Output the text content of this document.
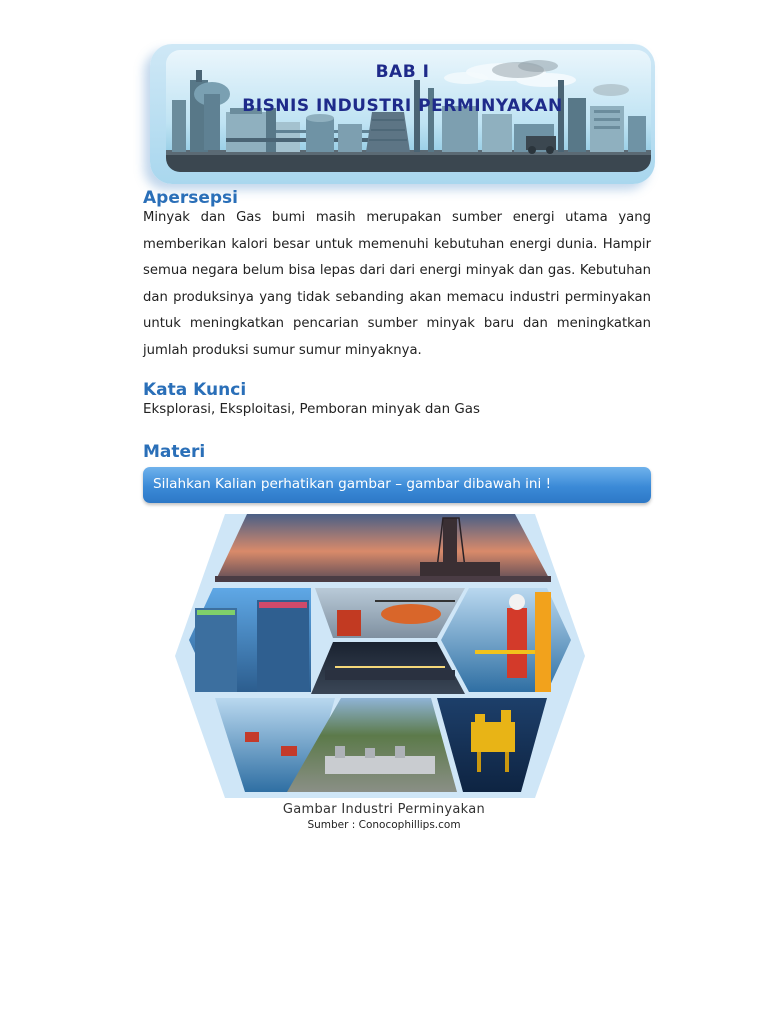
BAB I
BISNIS INDUSTRI PERMINYAKAN
Apersepsi

Minyak dan Gas bumi masih merupakan sumber energi utama yang memberikan kalori besar untuk memenuhi kebutuhan energi dunia. Hampir semua negara belum bisa lepas dari dari energi minyak dan gas. Kebutuhan dan produksinya yang tidak sebanding akan memacu industri perminyakan untuk meningkatkan pencarian sumber minyak baru dan meningkatkan jumlah produksi sumur sumur minyaknya.

Kata Kunci
Eksplorasi, Eksploitasi, Pemboran minyak dan Gas
Materi
Silahkan Kalian perhatikan gambar – gambar dibawah ini !
Gambar Industri Perminyakan
Sumber : Conocophillips.com
